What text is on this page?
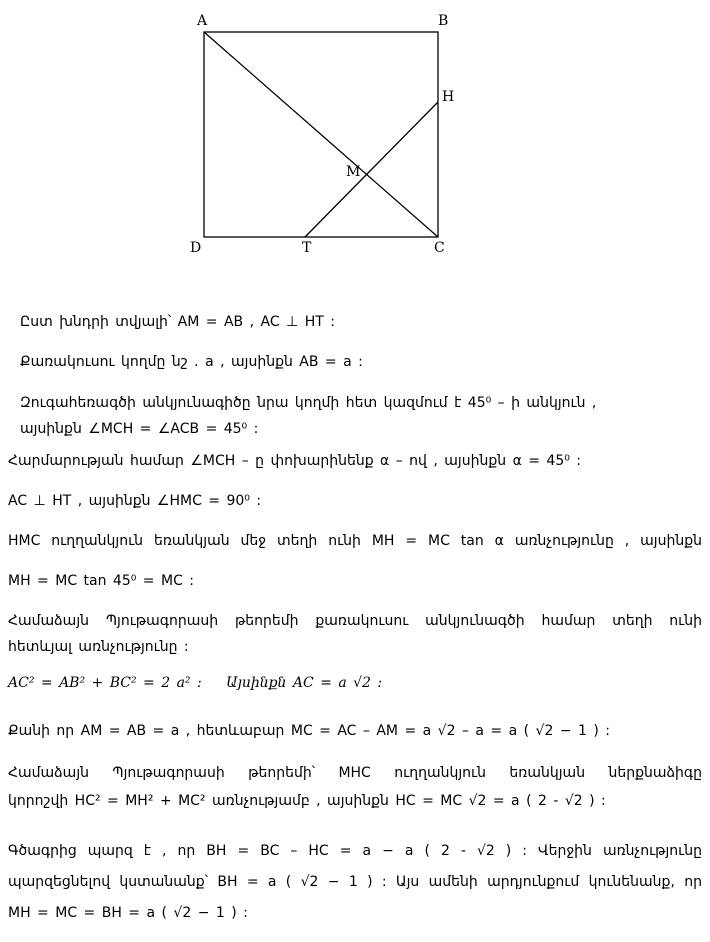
A	B
H
M
D	T	C
Ըստ խնդրի տվյալի՝ AM = AB , AC ⊥ HT :
Քառակուսու կողմը նշ . a , այսինքն AB = a :
Զուգահեռագծի անկյունագիծը նրա կողմի հետ կազմում է 45⁰ – ի անկյուն ,
այսինքն ∠MCH = ∠ACB = 45⁰ :
Հարմարության համար ∠MCH – ը փոխարինենք α – ով , այսինքն α = 45⁰ :
AC ⊥ HT , այսինքն ∠HMC = 90⁰ :
HMC ուղղանկյուն եռանկյան մեջ տեղի ունի MH = MC tan α առնչությունը , այսինքն
MH = MC tan 45⁰ = MC :
Համաձայն Պյութագորասի թեորեմի քառակուսու անկյունագծի համար տեղի ունի
հետևյալ առնչությունը :
AC² = AB² + BC² = 2 a² : Այսինքն AC = a √2 :
Քանի որ AM = AB = a , հետևաբար MC = AC – AM = a √2 – a = a ( √2 − 1 ) :
Համաձայն Պյութագորասի թեորեմի՝ MHC ուղղանկյուն եռանկյան ներքնաձիգը
կորոշվի HC² = MH² + MC² առնչությամբ , այսինքն HC = MC √2 = a ( 2 - √2 ) :
Գծագրից պարզ է , որ BH = BC – HC = a − a ( 2 - √2 ) : Վերջին առնչությունը
պարզեցնելով կստանանք՝ BH = a ( √2 − 1 ) : Այս ամենի արդյունքում կունենանք, որ
MH = MC = BH = a ( √2 − 1 ) :
